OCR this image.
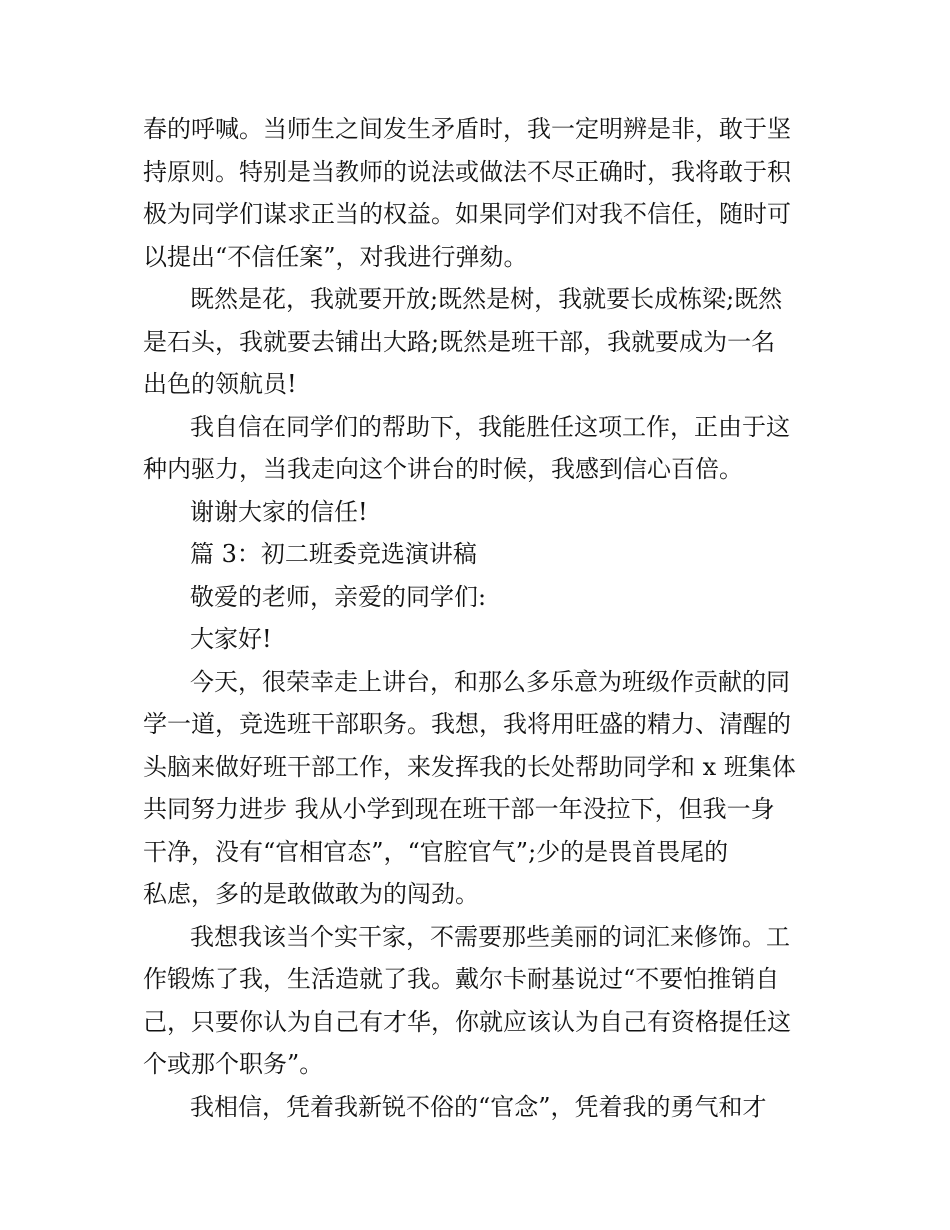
春的呼喊。当师生之间发生矛盾时，我一定明辨是非，敢于坚
持原则。特别是当教师的说法或做法不尽正确时，我将敢于积
极为同学们谋求正当的权益。如果同学们对我不信任，随时可
以提出“不信任案”，对我进行弹劾。
既然是花，我就要开放;既然是树，我就要长成栋梁;既然
是石头，我就要去铺出大路;既然是班干部，我就要成为一名
出色的领航员!
我自信在同学们的帮助下，我能胜任这项工作，正由于这
种内驱力，当我走向这个讲台的时候，我感到信心百倍。
谢谢大家的信任!
篇 3：初二班委竞选演讲稿
敬爱的老师，亲爱的同学们:
大家好!
今天，很荣幸走上讲台，和那么多乐意为班级作贡献的同
学一道，竞选班干部职务。我想，我将用旺盛的精力、清醒的
头脑来做好班干部工作，来发挥我的长处帮助同学和 x 班集体
共同努力进步 我从小学到现在班干部一年没拉下，但我一身
干净，没有“官相官态”，“官腔官气”;少的是畏首畏尾的
私虑，多的是敢做敢为的闯劲。
我想我该当个实干家，不需要那些美丽的词汇来修饰。工
作锻炼了我，生活造就了我。戴尔卡耐基说过“不要怕推销自
己，只要你认为自己有才华，你就应该认为自己有资格提任这
个或那个职务”。
我相信，凭着我新锐不俗的“官念”，凭着我的勇气和才
